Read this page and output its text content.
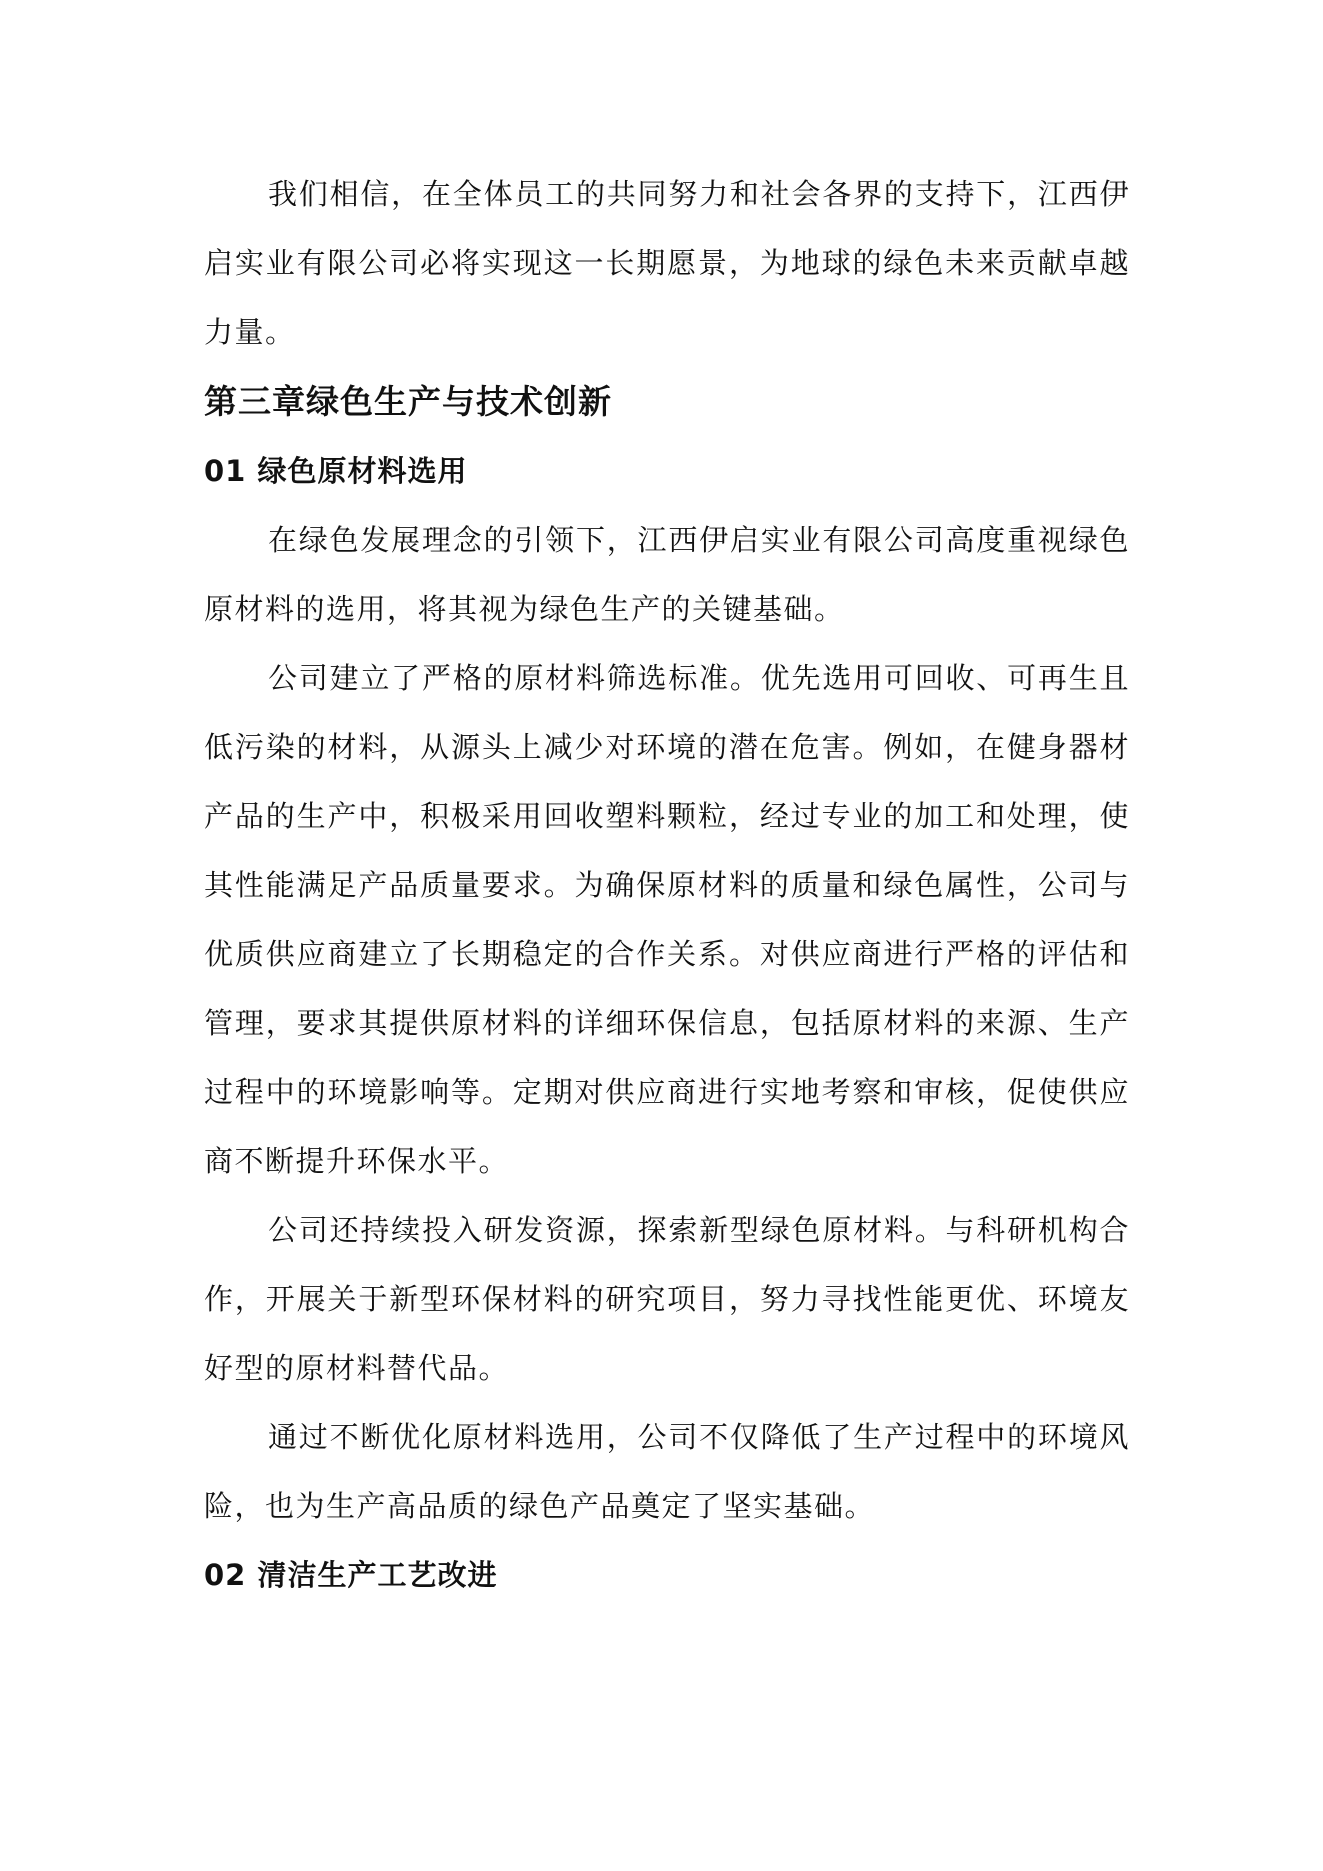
我们相信，在全体员工的共同努力和社会各界的支持下，江西伊启实业有限公司必将实现这一长期愿景，为地球的绿色未来贡献卓越力量。

第三章绿色生产与技术创新
01 绿色原材料选用

在绿色发展理念的引领下，江西伊启实业有限公司高度重视绿色原材料的选用，将其视为绿色生产的关键基础。

公司建立了严格的原材料筛选标准。优先选用可回收、可再生且低污染的材料，从源头上减少对环境的潜在危害。例如，在健身器材产品的生产中，积极采用回收塑料颗粒，经过专业的加工和处理，使其性能满足产品质量要求。为确保原材料的质量和绿色属性，公司与优质供应商建立了长期稳定的合作关系。对供应商进行严格的评估和管理，要求其提供原材料的详细环保信息，包括原材料的来源、生产过程中的环境影响等。定期对供应商进行实地考察和审核，促使供应商不断提升环保水平。

公司还持续投入研发资源，探索新型绿色原材料。与科研机构合作，开展关于新型环保材料的研究项目，努力寻找性能更优、环境友好型的原材料替代品。

通过不断优化原材料选用，公司不仅降低了生产过程中的环境风险，也为生产高品质的绿色产品奠定了坚实基础。

02 清洁生产工艺改进
